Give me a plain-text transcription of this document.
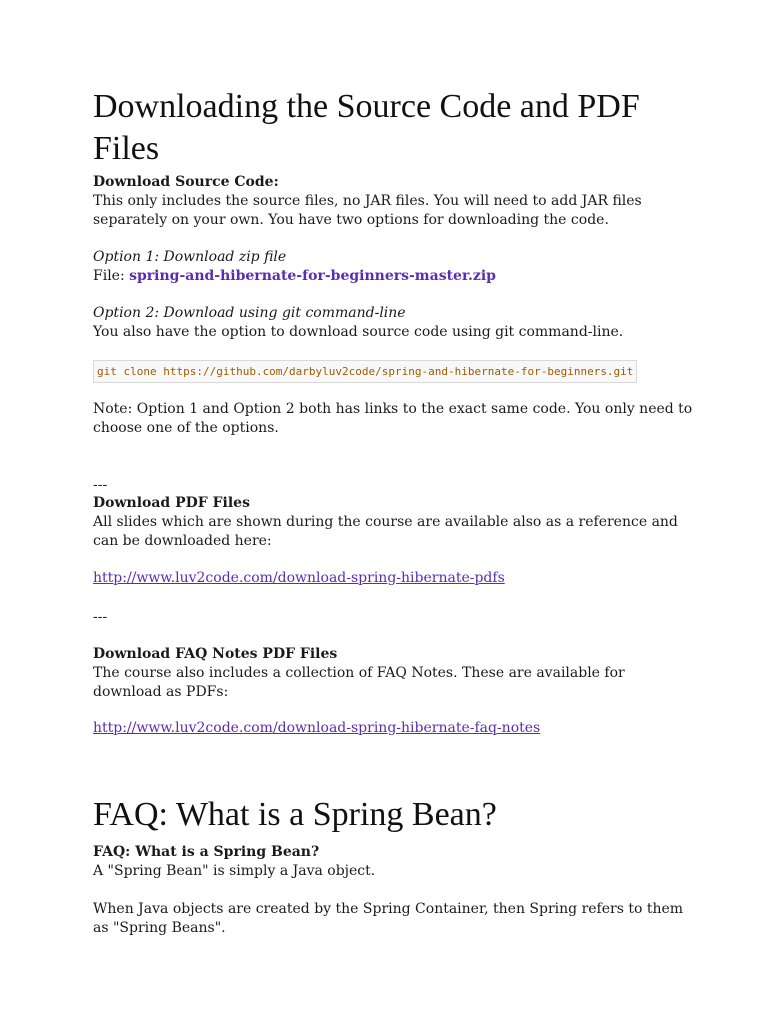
Downloading the Source Code and PDF Files
Download Source Code:
This only includes the source files, no JAR files. You will need to add JAR files separately on your own. You have two options for downloading the code.
Option 1: Download zip file
File: spring-and-hibernate-for-beginners-master.zip
Option 2: Download using git command-line
You also have the option to download source code using git command-line.
git clone https://github.com/darbyluv2code/spring-and-hibernate-for-beginners.git
Note: Option 1 and Option 2 both has links to the exact same code. You only need to choose one of the options.
---
Download PDF Files
All slides which are shown during the course are available also as a reference and can be downloaded here:
http://www.luv2code.com/download-spring-hibernate-pdfs
---
Download FAQ Notes PDF Files
The course also includes a collection of FAQ Notes. These are available for download as PDFs:
http://www.luv2code.com/download-spring-hibernate-faq-notes
FAQ: What is a Spring Bean?
FAQ: What is a Spring Bean?
A "Spring Bean" is simply a Java object.
When Java objects are created by the Spring Container, then Spring refers to them as "Spring Beans".
